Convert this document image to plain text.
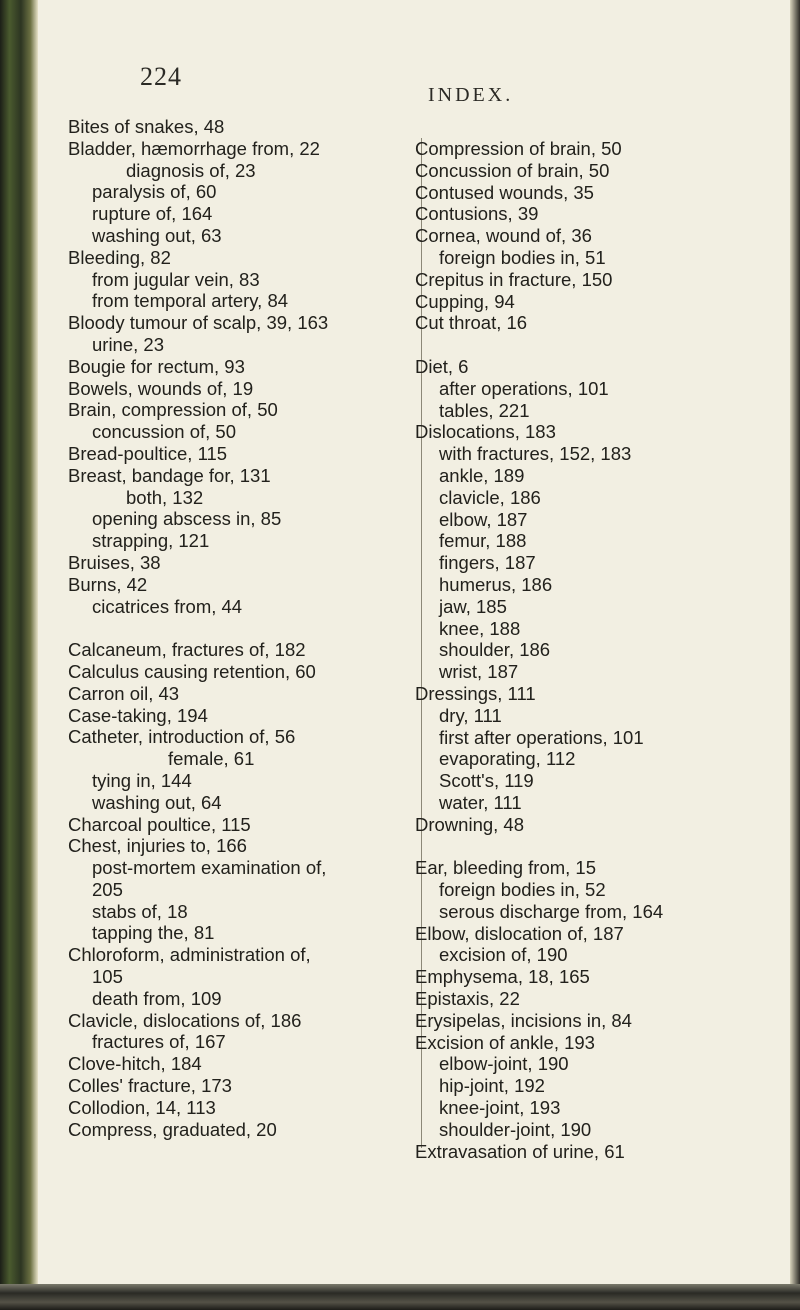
224
INDEX.
Bites of snakes, 48
Bladder, hæmorrhage from, 22
diagnosis of, 23
paralysis of, 60
rupture of, 164
washing out, 63
Bleeding, 82
from jugular vein, 83
from temporal artery, 84
Bloody tumour of scalp, 39, 163
urine, 23
Bougie for rectum, 93
Bowels, wounds of, 19
Brain, compression of, 50
concussion of, 50
Bread-poultice, 115
Breast, bandage for, 131
both, 132
opening abscess in, 85
strapping, 121
Bruises, 38
Burns, 42
cicatrices from, 44
Calcaneum, fractures of, 182
Calculus causing retention, 60
Carron oil, 43
Case-taking, 194
Catheter, introduction of, 56
female, 61
tying in, 144
washing out, 64
Charcoal poultice, 115
Chest, injuries to, 166
post-mortem examination of,
205
stabs of, 18
tapping the, 81
Chloroform, administration of,
105
death from, 109
Clavicle, dislocations of, 186
fractures of, 167
Clove-hitch, 184
Colles' fracture, 173
Collodion, 14, 113
Compress, graduated, 20
Compression of brain, 50
Concussion of brain, 50
Contused wounds, 35
Contusions, 39
Cornea, wound of, 36
foreign bodies in, 51
Crepitus in fracture, 150
Cupping, 94
Cut throat, 16
Diet, 6
after operations, 101
tables, 221
Dislocations, 183
with fractures, 152, 183
ankle, 189
clavicle, 186
elbow, 187
femur, 188
fingers, 187
humerus, 186
jaw, 185
knee, 188
shoulder, 186
wrist, 187
Dressings, 111
dry, 111
first after operations, 101
evaporating, 112
Scott's, 119
water, 111
Drowning, 48
Ear, bleeding from, 15
foreign bodies in, 52
serous discharge from, 164
Elbow, dislocation of, 187
excision of, 190
Emphysema, 18, 165
Epistaxis, 22
Erysipelas, incisions in, 84
Excision of ankle, 193
elbow-joint, 190
hip-joint, 192
knee-joint, 193
shoulder-joint, 190
Extravasation of urine, 61
